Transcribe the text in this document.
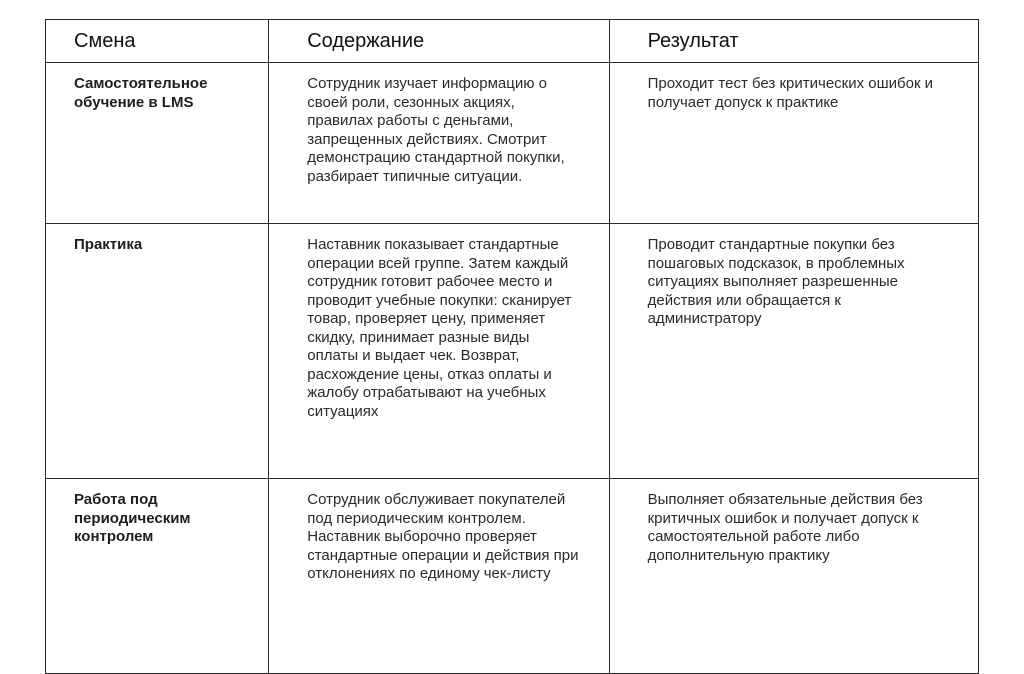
Смена	Содержание	Результат
Самостоятельное обучение в LMS	Сотрудник изучает информацию о своей роли, сезонных акциях, правилах работы с деньгами, запрещенных действиях. Смотрит демонстрацию стандартной покупки, разбирает типичные ситуации.	Проходит тест без критических ошибок и получает допуск к практике
Практика	Наставник показывает стандартные операции всей группе. Затем каждый сотрудник готовит рабочее место и проводит учебные покупки: сканирует товар, проверяет цену, применяет скидку, принимает разные виды оплаты и выдает чек. Возврат, расхождение цены, отказ оплаты и жалобу отрабатывают на учебных ситуациях	Проводит стандартные покупки без пошаговых подсказок, в проблемных ситуациях выполняет разрешенные действия или обращается к администратору
Работа под периодическим контролем	Сотрудник обслуживает покупателей под периодическим контролем. Наставник выборочно проверяет стандартные операции и действия при отклонениях по единому чек-листу	Выполняет обязательные действия без критичных ошибок и получает допуск к самостоятельной работе либо дополнительную практику
